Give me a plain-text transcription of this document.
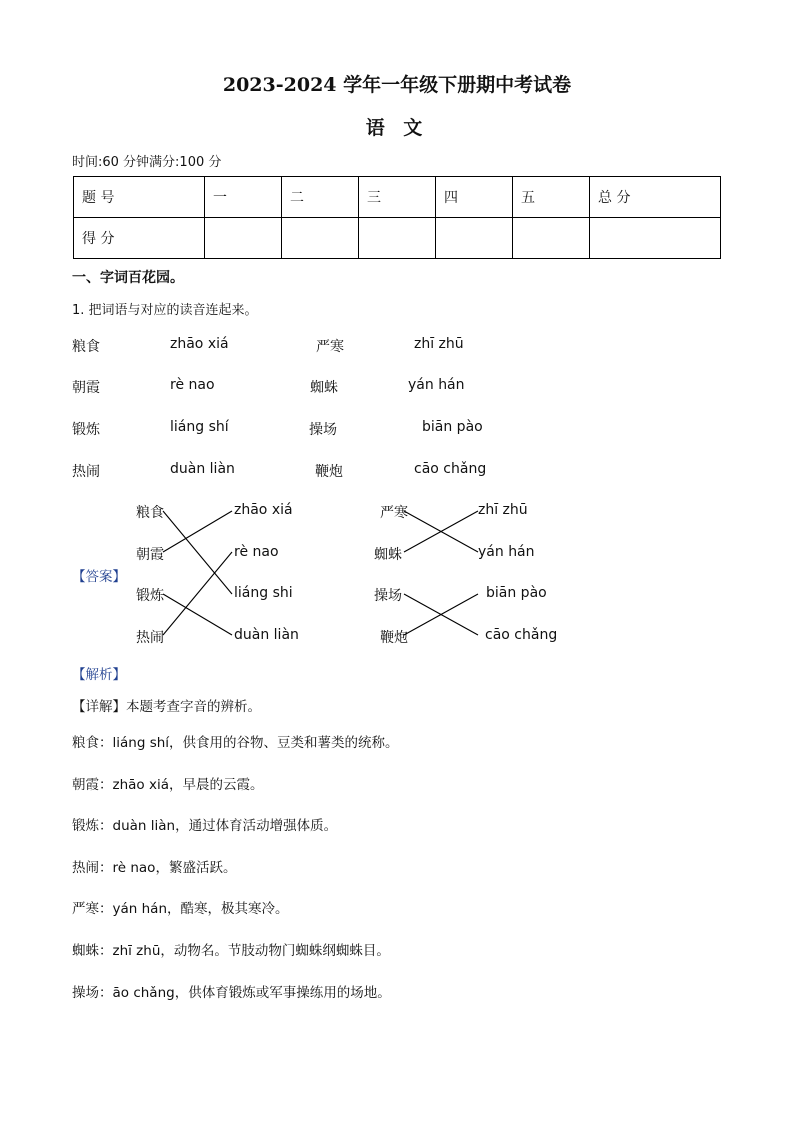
2023-2024 学年一年级下册期中考试卷
语 文
时间:60 分钟满分:100 分
题 号	一	二	三	四	五	总 分
得 分						
一、字词百花园。
1. 把词语与对应的读音连起来。
粮食	zhāo xiá	严寒	zhī zhū
朝霞	rè nao	蜘蛛	yán hán
锻炼	liáng shí	操场	biān pào
热闹	duàn liàn	鞭炮	cāo chǎng
【答案】
粮食
朝霞
锻炼
热闹
zhāo xiá
rè nao
liáng shi
duàn liàn
严寒
蜘蛛
操场
鞭炮
zhī zhū
yán hán
biān pào
cāo chǎng
【解析】
【详解】本题考查字音的辨析。
粮食：liáng shí，供食用的谷物、豆类和薯类的统称。
朝霞：zhāo xiá，早晨的云霞。
锻炼：duàn liàn，通过体育活动增强体质。
热闹：rè nao，繁盛活跃。
严寒：yán hán，酷寒，极其寒冷。
蜘蛛：zhī zhū，动物名。节肢动物门蜘蛛纲蜘蛛目。
操场：āo chǎng，供体育锻炼或军事操练用的场地。
